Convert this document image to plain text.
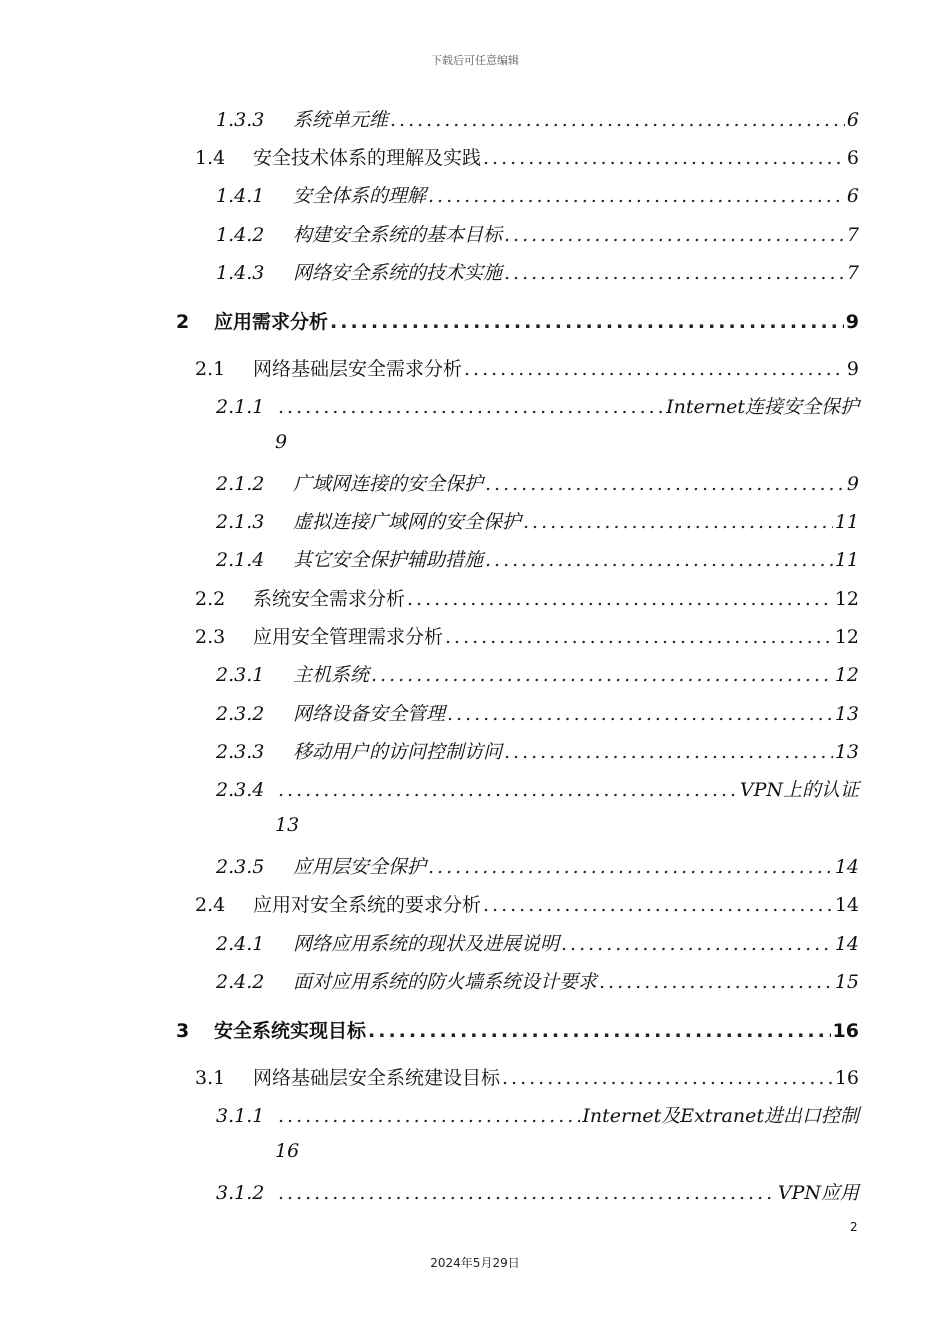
下载后可任意编辑
1.3.3	系统单元维 .....	6
1.4	安全技术体系的理解及实践 .....	6
1.4.1	安全体系的理解 .....	6
1.4.2	构建安全系统的基本目标 .....	7
1.4.3	网络安全系统的技术实施 .....	7
2	应用需求分析 .....	9
2.1	网络基础层安全需求分析 .....	9
2.1.1 .....	Internet连接安全保护
9
2.1.2	广域网连接的安全保护 .....	9
2.1.3	虚拟连接广域网的安全保护 .....	11
2.1.4	其它安全保护辅助措施 .....	11
2.2	系统安全需求分析 .....	12
2.3	应用安全管理需求分析 .....	12
2.3.1	主机系统 .....	12
2.3.2	网络设备安全管理 .....	13
2.3.3	移动用户的访问控制访问 .....	13
2.3.4 .....	VPN上的认证
13
2.3.5	应用层安全保护 .....	14
2.4	应用对安全系统的要求分析 .....	14
2.4.1	网络应用系统的现状及进展说明 .....	14
2.4.2	面对应用系统的防火墙系统设计要求 .....	15
3	安全系统实现目标 .....	16
3.1	网络基础层安全系统建设目标 .....	16
3.1.1 .....	Internet及Extranet进出口控制
16
3.1.2 .....	VPN应用
2
2024年5月29日
